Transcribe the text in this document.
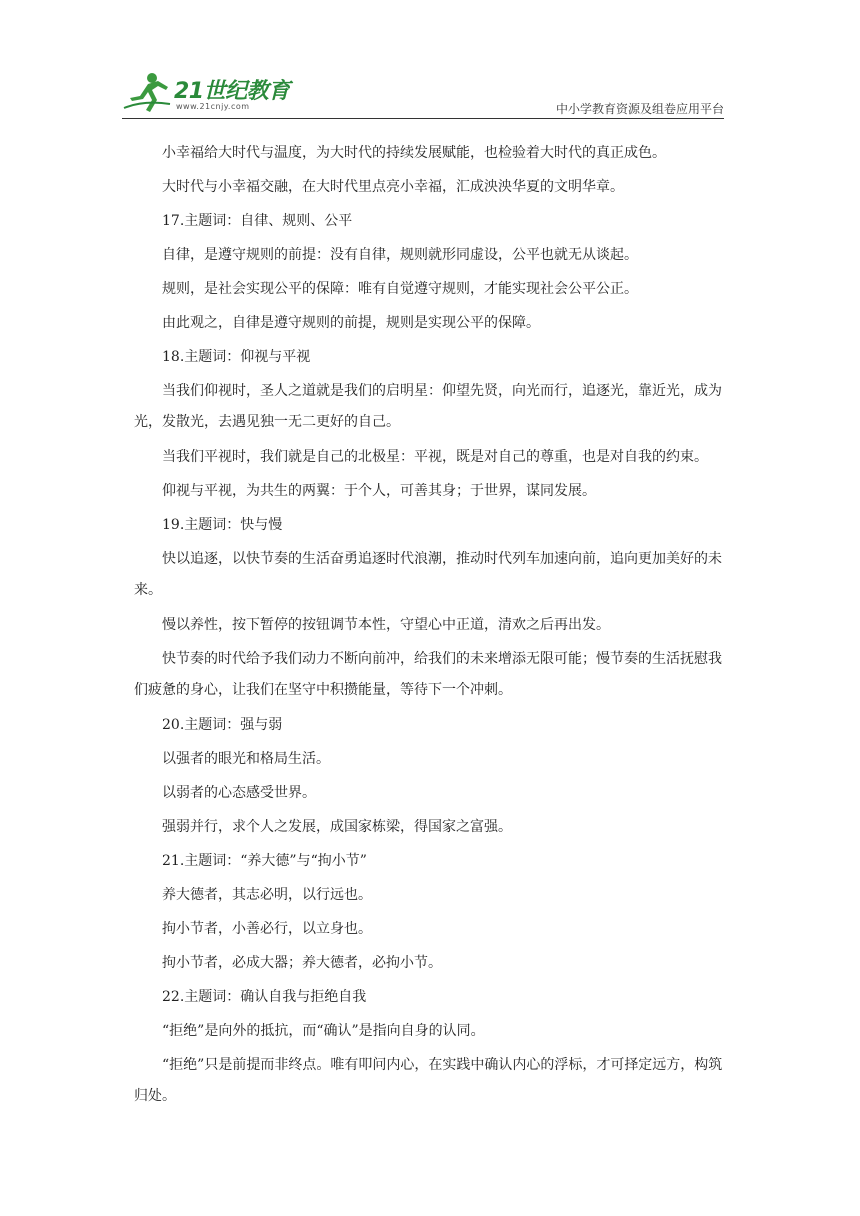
21世纪教育
www.21cnjy.com	中小学教育资源及组卷应用平台

小幸福给大时代与温度，为大时代的持续发展赋能，也检验着大时代的真正成色。

大时代与小幸福交融，在大时代里点亮小幸福，汇成泱泱华夏的文明华章。

17.主题词：自律、规则、公平

自律，是遵守规则的前提：没有自律，规则就形同虚设，公平也就无从谈起。

规则，是社会实现公平的保障：唯有自觉遵守规则，才能实现社会公平公正。

由此观之，自律是遵守规则的前提，规则是实现公平的保障。

18.主题词：仰视与平视

当我们仰视时，圣人之道就是我们的启明星：仰望先贤，向光而行，追逐光，靠近光，成为光，发散光，去遇见独一无二更好的自己。

当我们平视时，我们就是自己的北极星：平视，既是对自己的尊重，也是对自我的约束。

仰视与平视，为共生的两翼：于个人，可善其身；于世界，谋同发展。

19.主题词：快与慢

快以追逐，以快节奏的生活奋勇追逐时代浪潮，推动时代列车加速向前，追向更加美好的未来。

慢以养性，按下暂停的按钮调节本性，守望心中正道，清欢之后再出发。

快节奏的时代给予我们动力不断向前冲，给我们的未来增添无限可能；慢节奏的生活抚慰我们疲惫的身心，让我们在坚守中积攒能量，等待下一个冲刺。

20.主题词：强与弱

以强者的眼光和格局生活。

以弱者的心态感受世界。

强弱并行，求个人之发展，成国家栋梁，得国家之富强。

21.主题词：“养大德”与“拘小节”

养大德者，其志必明，以行远也。

拘小节者，小善必行，以立身也。

拘小节者，必成大器；养大德者，必拘小节。

22.主题词：确认自我与拒绝自我

“拒绝”是向外的抵抗，而“确认”是指向自身的认同。

“拒绝”只是前提而非终点。唯有叩问内心，在实践中确认内心的浮标，才可择定远方，构筑归处。
